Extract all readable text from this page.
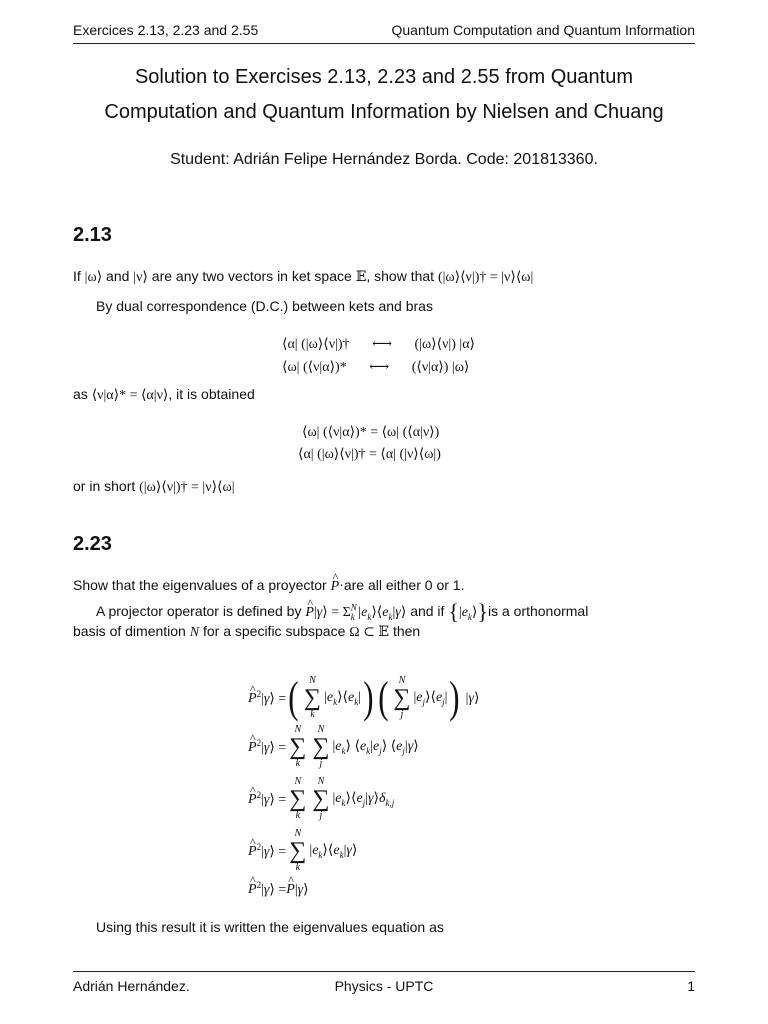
Exercices 2.13, 2.23 and 2.55	Quantum Computation and Quantum Information
Solution to Exercises 2.13, 2.23 and 2.55 from Quantum
Computation and Quantum Information by Nielsen and Chuang
Student: Adrián Felipe Hernández Borda. Code: 201813360.
2.13
If |ω⟩ and |ν⟩ are any two vectors in ket space 𝔼, show that (|ω⟩⟨ν|)† = |ν⟩⟨ω|
By dual correspondence (D.C.) between kets and bras
⟨α| (|ω⟩⟨ν|)† ⟷ (|ω⟩⟨ν|) |α⟩
⟨ω| (⟨ν|α⟩)* ⟷ (⟨ν|α⟩) |ω⟩
as ⟨ν|α⟩* = ⟨α|ν⟩, it is obtained
⟨ω| (⟨ν|α⟩)* = ⟨ω| (⟨α|ν⟩)
⟨α| (|ω⟩⟨ν|)† = ⟨α| (|ν⟩⟨ω|)
or in short (|ω⟩⟨ν|)† = |ν⟩⟨ω|
2.23
Show that the eigenvalues of a proyector ^ P·are all either 0 or 1.
A projector operator is defined by ^ P|γ⟩ = $\Sigma^N_k$ $|e_k⟩⟨e_k|\gamma⟩$ and if $\{|e_k⟩\}is$ a orthonormal
basis of dimention N for a specific subspace Ω ⊂ 𝔼 then
^ $P^2|\gamma⟩$ = ( N
∑
k
$|e_k⟩⟨e_k|$ ) ( N
∑
j
$|e_j⟩⟨e_j|$ ) |γ⟩
^ $P^2|\gamma⟩$ =
N
∑
k
N
∑
j
$|e_k⟩$ $⟨e_k|e_j⟩$ $⟨e_j|\gamma⟩$
^ $P^2|\gamma⟩$ =
N
∑
k
N
∑
j
$|e_k⟩⟨e_j|\gamma⟩\delta_{k,j}$
^ $P^2|\gamma⟩$ =
N
∑
k
$|e_k⟩⟨e_k|\gamma⟩$
^ $P^2|\gamma⟩$ =^ P|γ⟩
Using this result it is written the eigenvalues equation as
Adrián Hernández.	Physics - UPTC	1
